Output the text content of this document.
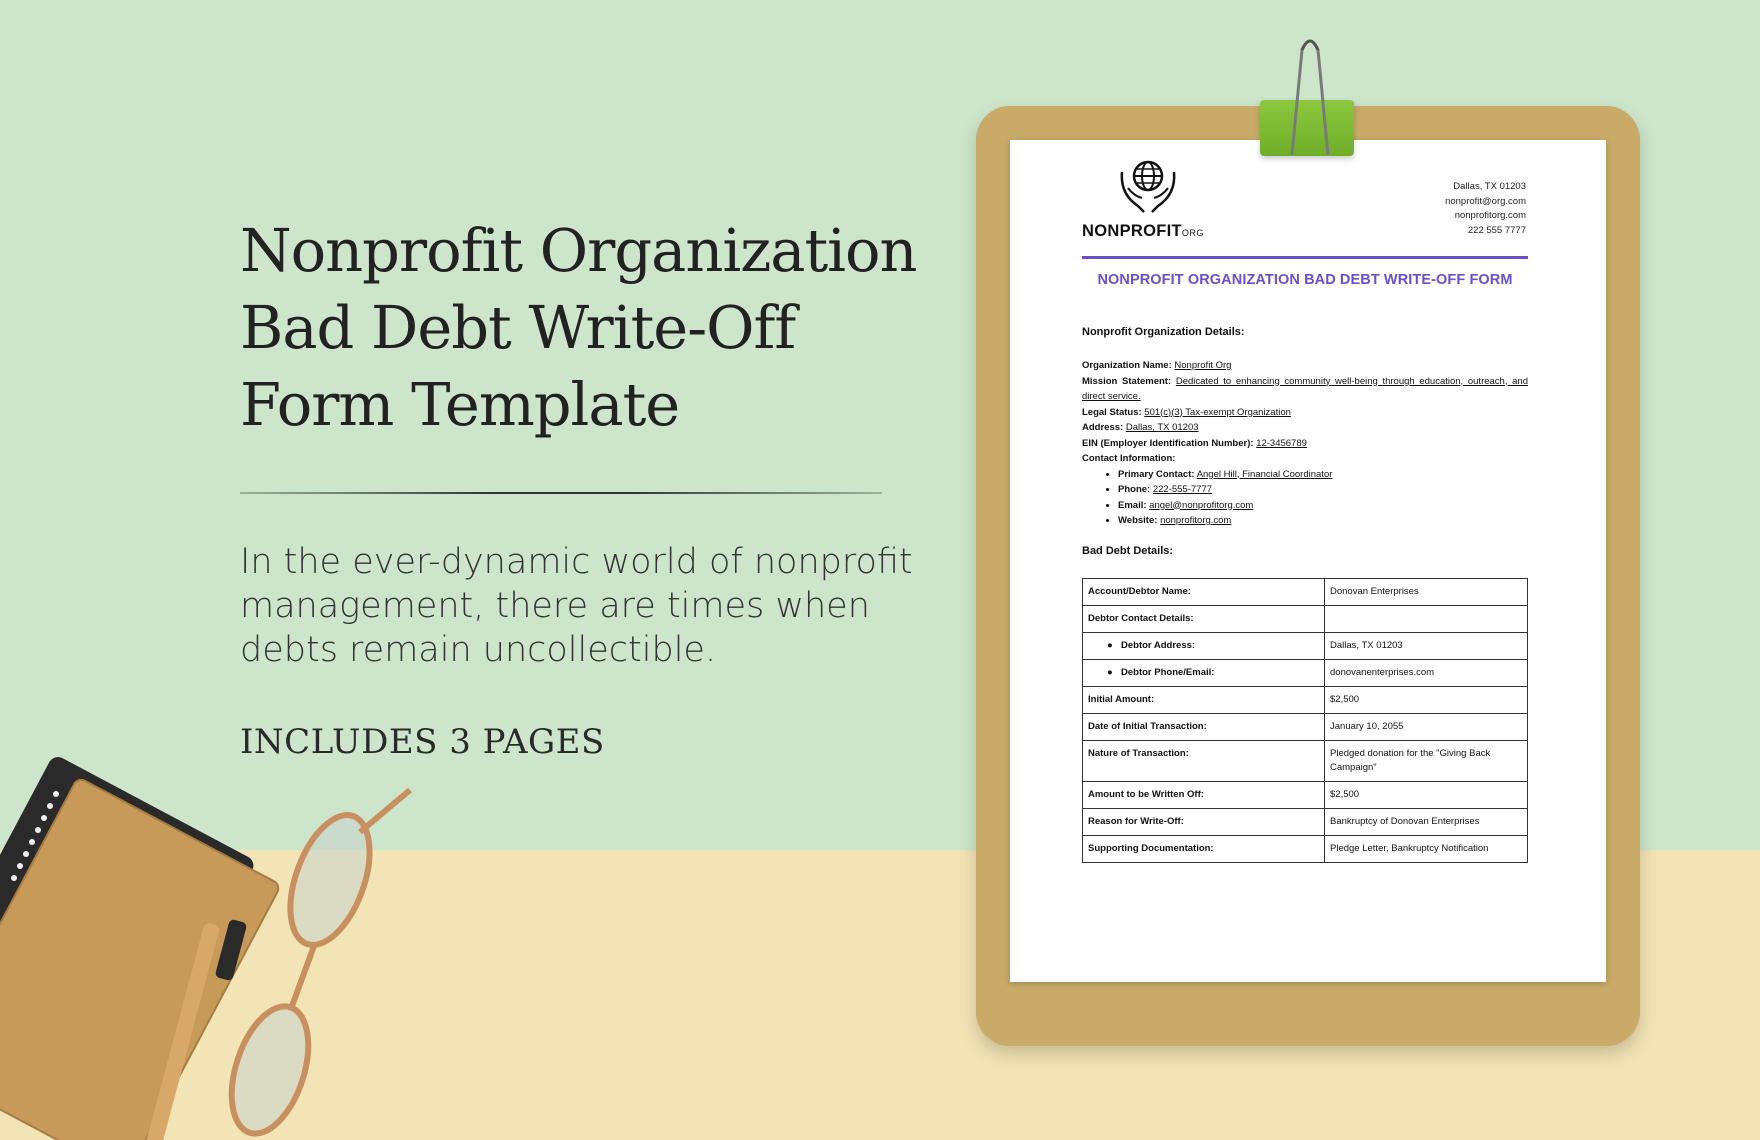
Nonprofit Organization
Bad Debt Write-Off
Form Template
In the ever-dynamic world of nonprofit
management, there are times when
debts remain uncollectible.
INCLUDES 3 PAGES
NONPROFITORG
Dallas, TX 01203
nonprofit@org.com
nonprofitorg.com
222 555 7777
NONPROFIT ORGANIZATION BAD DEBT WRITE-OFF FORM
Nonprofit Organization Details:
Organization Name: Nonprofit Org
Mission Statement: Dedicated to enhancing community well-being through education, outreach, and direct service.
Legal Status: 501(c)(3) Tax-exempt Organization
Address: Dallas, TX 01203
EIN (Employer Identification Number): 12-3456789
Contact Information:
• Primary Contact: Angel Hill, Financial Coordinator
• Phone: 222-555-7777
• Email: angel@nonprofitorg.com
• Website: nonprofitorg.com
Bad Debt Details:
Account/Debtor Name:	Donovan Enterprises
Debtor Contact Details:	
● Debtor Address:	Dallas, TX 01203
● Debtor Phone/Email:	donovanenterprises.com
Initial Amount:	$2,500
Date of Initial Transaction:	January 10, 2055
Nature of Transaction:	Pledged donation for the "Giving Back Campaign"
Amount to be Written Off:	$2,500
Reason for Write-Off:	Bankruptcy of Donovan Enterprises
Supporting Documentation:	Pledge Letter, Bankruptcy Notification
